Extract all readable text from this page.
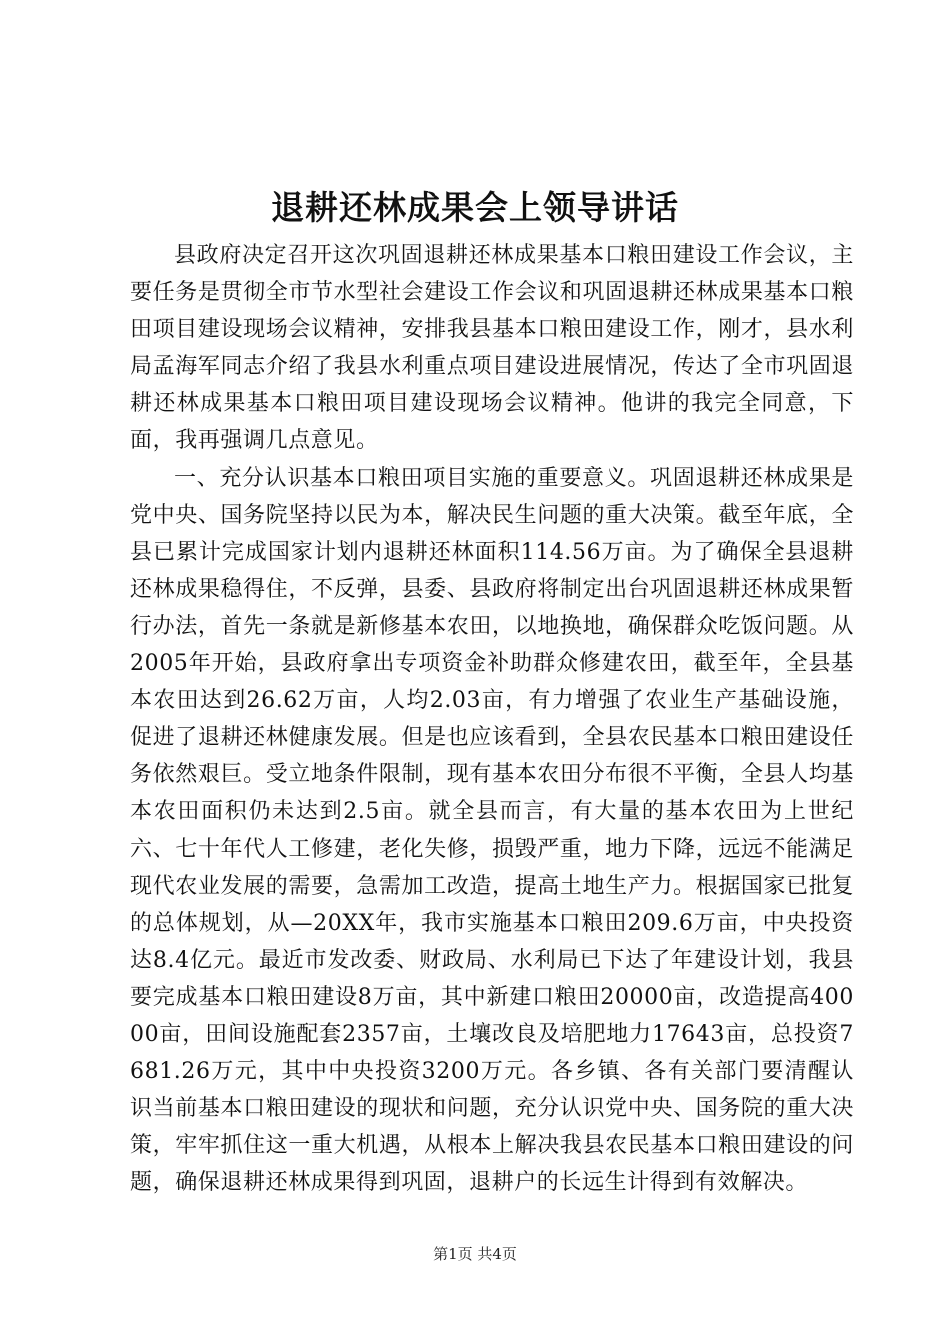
退耕还林成果会上领导讲话

县政府决定召开这次巩固退耕还林成果基本口粮田建设工作会议，主要任务是贯彻全市节水型社会建设工作会议和巩固退耕还林成果基本口粮田项目建设现场会议精神，安排我县基本口粮田建设工作，刚才，县水利局孟海军同志介绍了我县水利重点项目建设进展情况，传达了全市巩固退耕还林成果基本口粮田项目建设现场会议精神。他讲的我完全同意，下面，我再强调几点意见。

一、充分认识基本口粮田项目实施的重要意义。巩固退耕还林成果是党中央、国务院坚持以民为本，解决民生问题的重大决策。截至年底，全县已累计完成国家计划内退耕还林面积114.56万亩。为了确保全县退耕还林成果稳得住，不反弹，县委、县政府将制定出台巩固退耕还林成果暂行办法，首先一条就是新修基本农田，以地换地，确保群众吃饭问题。从2005年开始，县政府拿出专项资金补助群众修建农田，截至年，全县基本农田达到26.62万亩，人均2.03亩，有力增强了农业生产基础设施，促进了退耕还林健康发展。但是也应该看到，全县农民基本口粮田建设任务依然艰巨。受立地条件限制，现有基本农田分布很不平衡，全县人均基本农田面积仍未达到2.5亩。就全县而言，有大量的基本农田为上世纪六、七十年代人工修建，老化失修，损毁严重，地力下降，远远不能满足现代农业发展的需要，急需加工改造，提高土地生产力。根据国家已批复的总体规划，从—20XX年，我市实施基本口粮田209.6万亩，中央投资达8.4亿元。最近市发改委、财政局、水利局已下达了年建设计划，我县要完成基本口粮田建设8万亩，其中新建口粮田20000亩，改造提高40000亩，田间设施配套2357亩，土壤改良及培肥地力17643亩，总投资7681.26万元，其中中央投资3200万元。各乡镇、各有关部门要清醒认识当前基本口粮田建设的现状和问题，充分认识党中央、国务院的重大决策，牢牢抓住这一重大机遇，从根本上解决我县农民基本口粮田建设的问题，确保退耕还林成果得到巩固，退耕户的长远生计得到有效解决。

第1页 共4页
